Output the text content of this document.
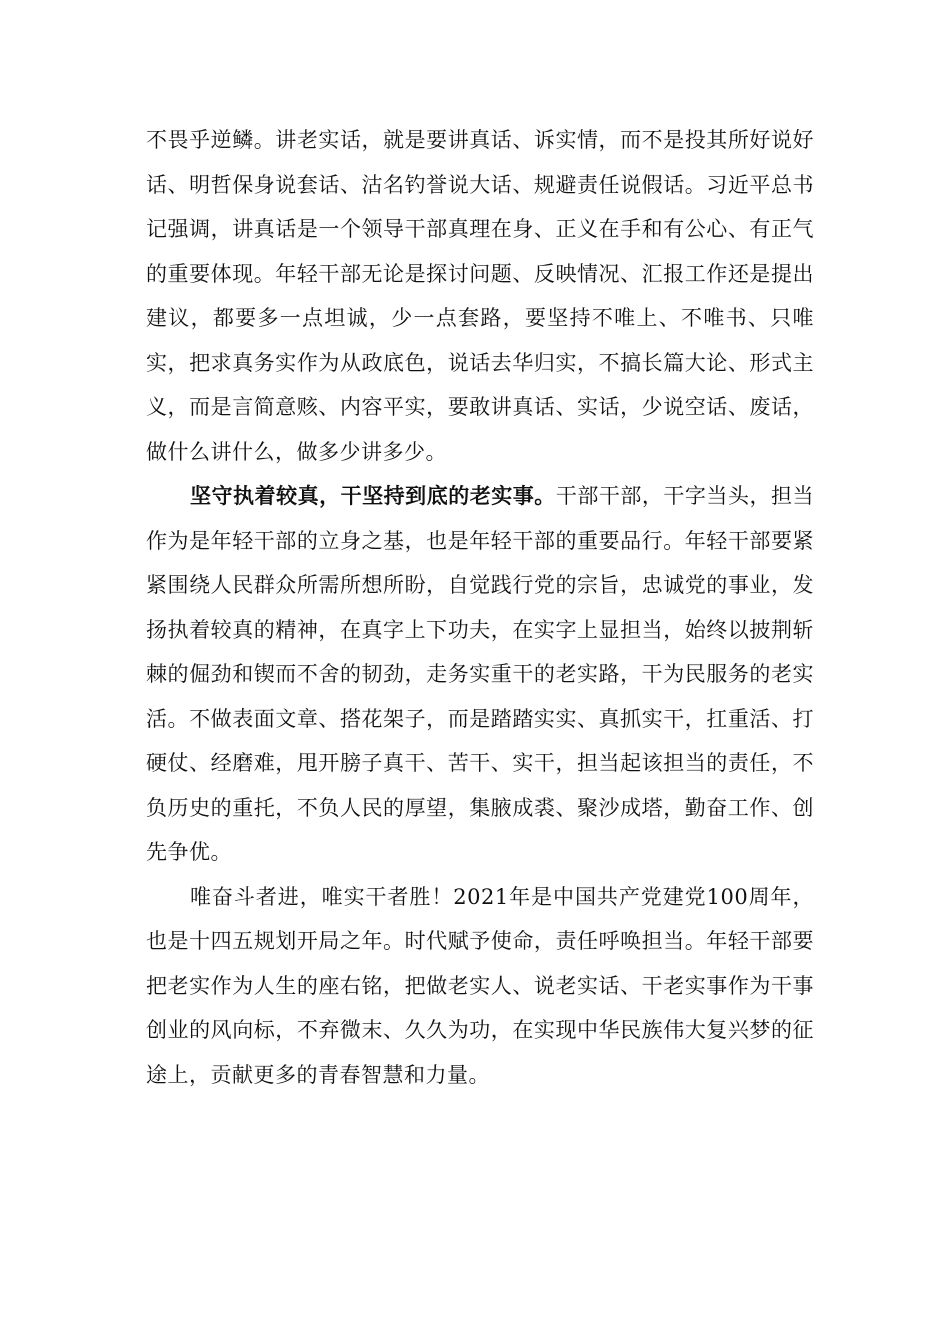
不畏乎逆鳞。讲老实话，就是要讲真话、诉实情，而不是投其所好说好话、明哲保身说套话、沽名钓誉说大话、规避责任说假话。习近平总书记强调，讲真话是一个领导干部真理在身、正义在手和有公心、有正气的重要体现。年轻干部无论是探讨问题、反映情况、汇报工作还是提出建议，都要多一点坦诚，少一点套路，要坚持不唯上、不唯书、只唯实，把求真务实作为从政底色，说话去华归实，不搞长篇大论、形式主义，而是言简意赅、内容平实，要敢讲真话、实话，少说空话、废话，做什么讲什么，做多少讲多少。

坚守执着较真，干坚持到底的老实事。干部干部，干字当头，担当作为是年轻干部的立身之基，也是年轻干部的重要品行。年轻干部要紧紧围绕人民群众所需所想所盼，自觉践行党的宗旨，忠诚党的事业，发扬执着较真的精神，在真字上下功夫，在实字上显担当，始终以披荆斩棘的倔劲和锲而不舍的韧劲，走务实重干的老实路，干为民服务的老实活。不做表面文章、搭花架子，而是踏踏实实、真抓实干，扛重活、打硬仗、经磨难，甩开膀子真干、苦干、实干，担当起该担当的责任，不负历史的重托，不负人民的厚望，集腋成裘、聚沙成塔，勤奋工作、创先争优。

唯奋斗者进，唯实干者胜！2021年是中国共产党建党100周年，也是十四五规划开局之年。时代赋予使命，责任呼唤担当。年轻干部要把老实作为人生的座右铭，把做老实人、说老实话、干老实事作为干事创业的风向标，不弃微末、久久为功，在实现中华民族伟大复兴梦的征途上，贡献更多的青春智慧和力量。
